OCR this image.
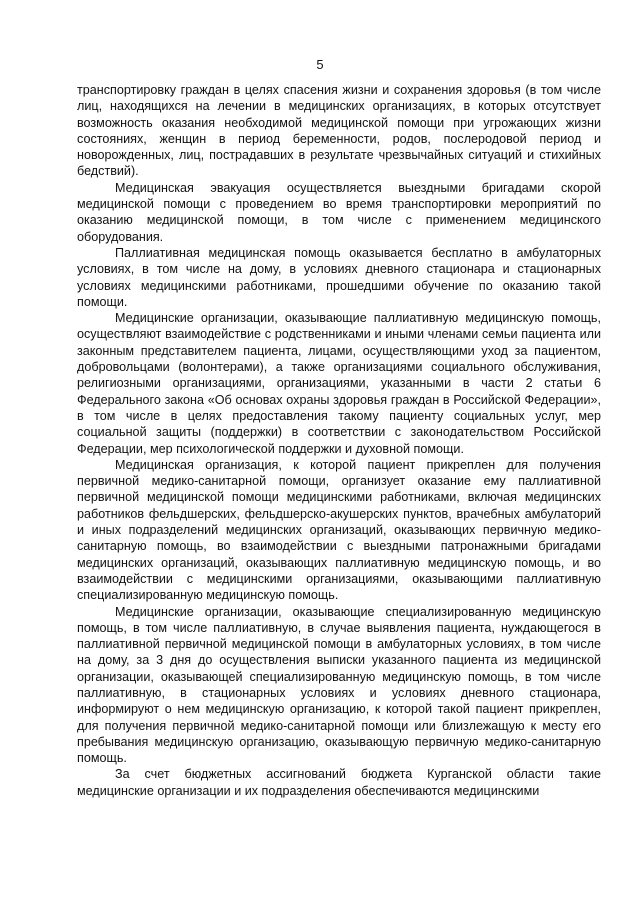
5

транспортировку граждан в целях спасения жизни и сохранения здоровья (в том числе лиц, находящихся на лечении в медицинских организациях, в которых отсутствует возможность оказания необходимой медицинской помощи при угрожающих жизни состояниях, женщин в период беременности, родов, послеродовой период и новорожденных, лиц, пострадавших в результате чрезвычайных ситуаций и стихийных бедствий).

Медицинская эвакуация осуществляется выездными бригадами скорой медицинской помощи с проведением во время транспортировки мероприятий по оказанию медицинской помощи, в том числе с применением медицинского оборудования.

Паллиативная медицинская помощь оказывается бесплатно в амбулаторных условиях, в том числе на дому, в условиях дневного стационара и стационарных условиях медицинскими работниками, прошедшими обучение по оказанию такой помощи.

Медицинские организации, оказывающие паллиативную медицинскую помощь, осуществляют взаимодействие с родственниками и иными членами семьи пациента или законным представителем пациента, лицами, осуществляющими уход за пациентом, добровольцами (волонтерами), а также организациями социального обслуживания, религиозными организациями, организациями, указанными в части 2 статьи 6 Федерального закона «Об основах охраны здоровья граждан в Российской Федерации», в том числе в целях предоставления такому пациенту социальных услуг, мер социальной защиты (поддержки) в соответствии с законодательством Российской Федерации, мер психологической поддержки и духовной помощи.

Медицинская организация, к которой пациент прикреплен для получения первичной медико-санитарной помощи, организует оказание ему паллиативной первичной медицинской помощи медицинскими работниками, включая медицинских работников фельдшерских, фельдшерско-акушерских пунктов, врачебных амбулаторий и иных подразделений медицинских организаций, оказывающих первичную медико-санитарную помощь, во взаимодействии с выездными патронажными бригадами медицинских организаций, оказывающих паллиативную медицинскую помощь, и во взаимодействии с медицинскими организациями, оказывающими паллиативную специализированную медицинскую помощь.

Медицинские организации, оказывающие специализированную медицинскую помощь, в том числе паллиативную, в случае выявления пациента, нуждающегося в паллиативной первичной медицинской помощи в амбулаторных условиях, в том числе на дому, за 3 дня до осуществления выписки указанного пациента из медицинской организации, оказывающей специализированную медицинскую помощь, в том числе паллиативную, в стационарных условиях и условиях дневного стационара, информируют о нем медицинскую организацию, к которой такой пациент прикреплен, для получения первичной медико-санитарной помощи или близлежащую к месту его пребывания медицинскую организацию, оказывающую первичную медико-санитарную помощь.

За счет бюджетных ассигнований бюджета Курганской области такие медицинские организации и их подразделения обеспечиваются медицинскими
